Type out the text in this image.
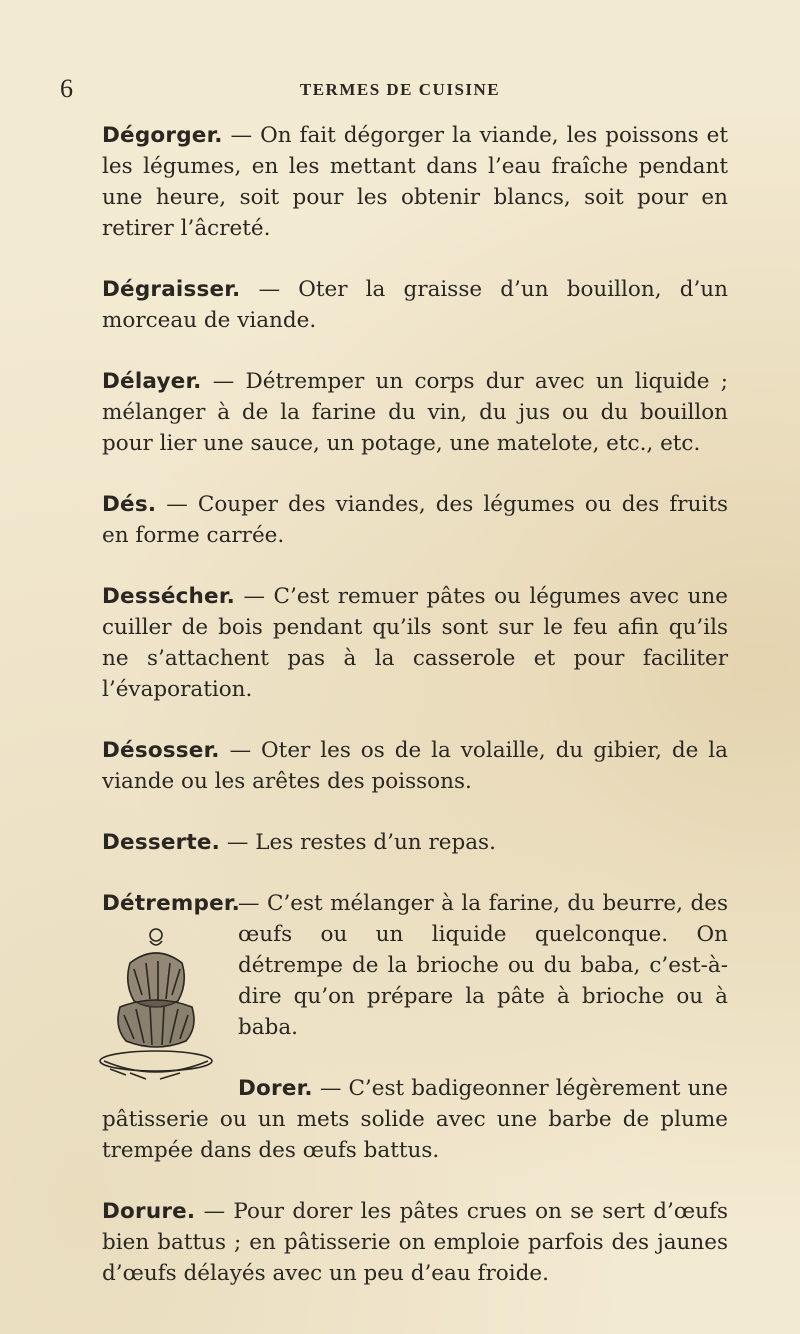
6	TERMES DE CUISINE

Dégorger. — On fait dégorger la viande, les poissons et les légumes, en les mettant dans l’eau fraîche pendant une heure, soit pour les obtenir blancs, soit pour en retirer l’âcreté.

Dégraisser. — Oter la graisse d’un bouillon, d’un morceau de viande.

Délayer. — Détremper un corps dur avec un liquide ; mélanger à de la farine du vin, du jus ou du bouillon pour lier une sauce, un potage, une matelote, etc., etc.

Dés. — Couper des viandes, des légumes ou des fruits en forme carrée.

Dessécher. — C’est remuer pâtes ou légumes avec une cuiller de bois pendant qu’ils sont sur le feu afin qu’ils ne s’attachent pas à la casserole et pour faciliter l’évaporation.

Désosser. — Oter les os de la volaille, du gibier, de la viande ou les arêtes des poissons.

Desserte. — Les restes d’un repas.

Détremper.

— C’est mélanger à la farine, du beurre, des œufs ou un liquide quelconque. On détrempe de la brioche ou du baba, c’est-à-dire qu’on prépare la pâte à brioche ou à baba.

Dorer. — C’est badigeonner légèrement une pâtisserie ou un mets solide avec une barbe de plume trempée dans des œufs battus.

Dorure. — Pour dorer les pâtes crues on se sert d’œufs bien battus ; en pâtisserie on emploie parfois des jaunes d’œufs délayés avec un peu d’eau froide.
